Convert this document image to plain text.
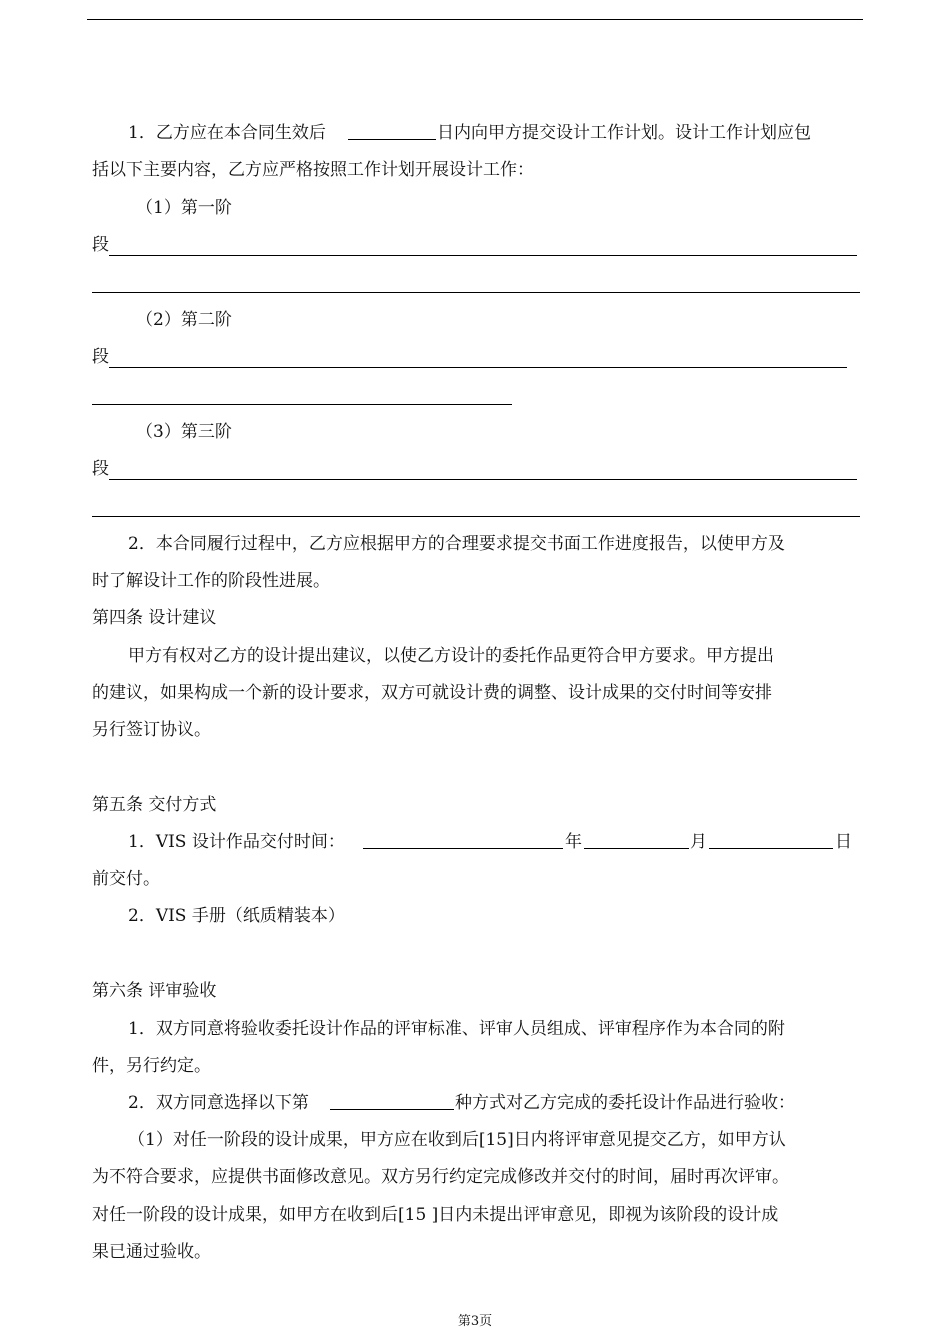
1．乙方应在本合同生效后	日内向甲方提交设计工作计划。设计工作计划应包
括以下主要内容，乙方应严格按照工作计划开展设计工作：
（1）第一阶
段
（2）第二阶
段
（3）第三阶
段
2．本合同履行过程中，乙方应根据甲方的合理要求提交书面工作进度报告，以使甲方及
时了解设计工作的阶段性进展。
第四条 设计建议
甲方有权对乙方的设计提出建议，以使乙方设计的委托作品更符合甲方要求。甲方提出
的建议，如果构成一个新的设计要求，双方可就设计费的调整、设计成果的交付时间等安排
另行签订协议。
第五条 交付方式
1．VIS 设计作品交付时间：	年	月	日
前交付。
2．VIS 手册（纸质精装本）
第六条 评审验收
1．双方同意将验收委托设计作品的评审标准、评审人员组成、评审程序作为本合同的附
件，另行约定。
2．双方同意选择以下第	种方式对乙方完成的委托设计作品进行验收：
（1）对任一阶段的设计成果，甲方应在收到后[15]日内将评审意见提交乙方，如甲方认
为不符合要求，应提供书面修改意见。双方另行约定完成修改并交付的时间，届时再次评审。
对任一阶段的设计成果，如甲方在收到后[15 ]日内未提出评审意见，即视为该阶段的设计成
果已通过验收。
第3页
